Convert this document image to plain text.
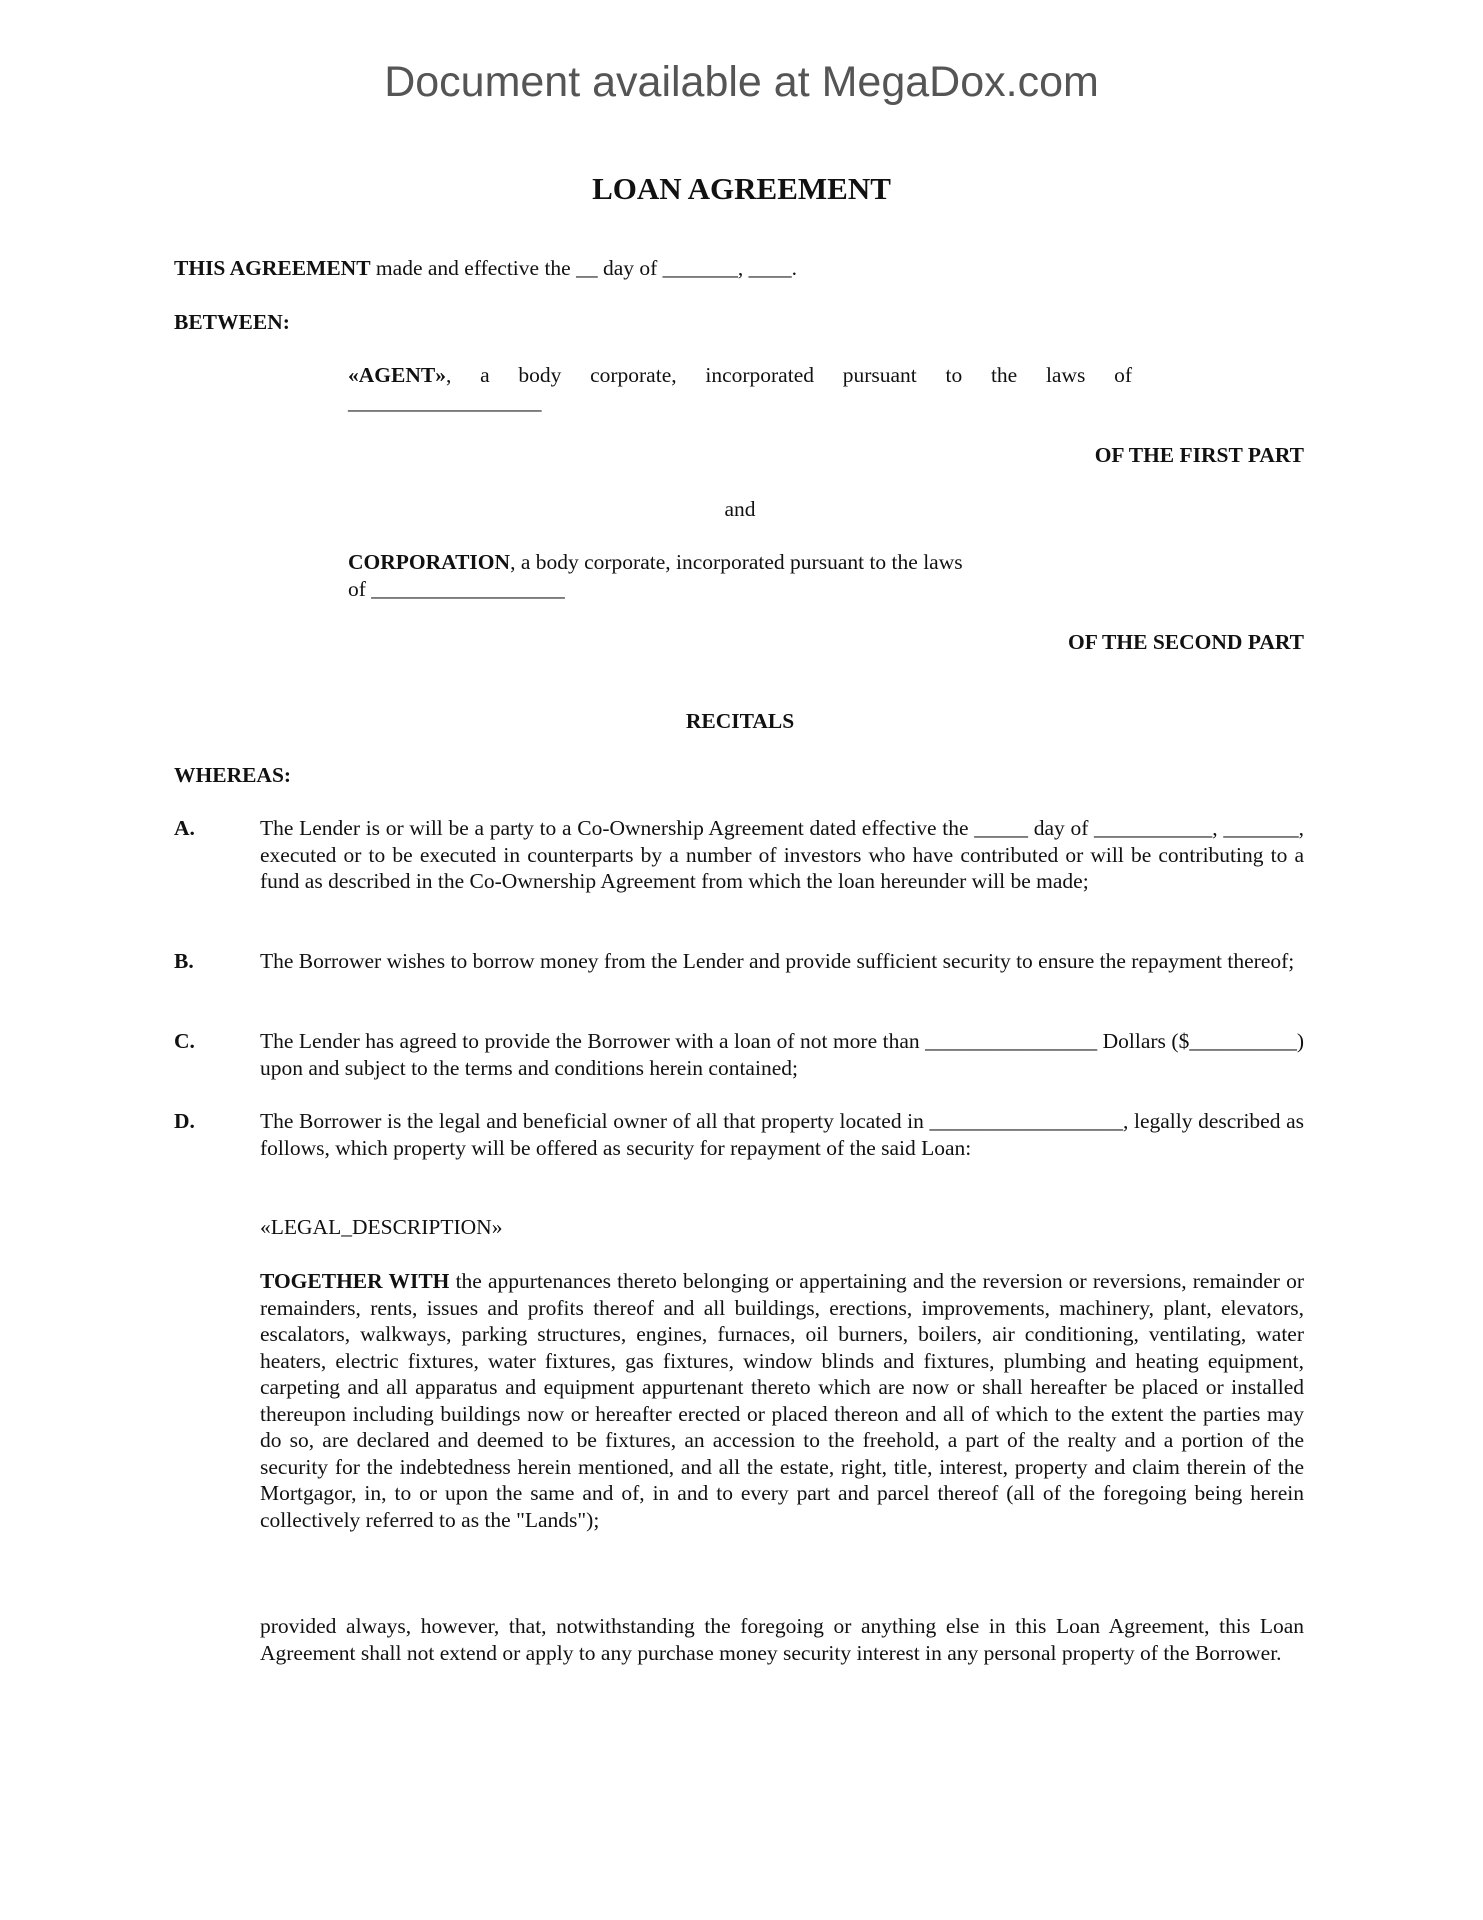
Document available at MegaDox.com
LOAN AGREEMENT
THIS AGREEMENT made and effective the __ day of _______, ____.
BETWEEN:
«AGENT», a body corporate, incorporated pursuant to the laws of
__________________
OF THE FIRST PART
and
CORPORATION, a body corporate, incorporated pursuant to the laws
of __________________
OF THE SECOND PART
RECITALS
WHEREAS:
A.	The Lender is or will be a party to a Co-Ownership Agreement dated effective the _____ day of ___________, _______, executed or to be executed in counterparts by a number of investors who have contributed or will be contributing to a fund as described in the Co-Ownership Agreement from which the loan hereunder will be made;
B.	The Borrower wishes to borrow money from the Lender and provide sufficient security to ensure the repayment thereof;
C.	The Lender has agreed to provide the Borrower with a loan of not more than ________________ Dollars ($__________) upon and subject to the terms and conditions herein contained;
D.	The Borrower is the legal and beneficial owner of all that property located in __________________, legally described as follows, which property will be offered as security for repayment of the said Loan:
«LEGAL_DESCRIPTION»
TOGETHER WITH the appurtenances thereto belonging or appertaining and the reversion or reversions, remainder or remainders, rents, issues and profits thereof and all buildings, erections, improvements, machinery, plant, elevators, escalators, walkways, parking structures, engines, furnaces, oil burners, boilers, air conditioning, ventilating, water heaters, electric fixtures, water fixtures, gas fixtures, window blinds and fixtures, plumbing and heating equipment, carpeting and all apparatus and equipment appurtenant thereto which are now or shall hereafter be placed or installed thereupon including buildings now or hereafter erected or placed thereon and all of which to the extent the parties may do so, are declared and deemed to be fixtures, an accession to the freehold, a part of the realty and a portion of the security for the indebtedness herein mentioned, and all the estate, right, title, interest, property and claim therein of the Mortgagor, in, to or upon the same and of, in and to every part and parcel thereof (all of the foregoing being herein collectively referred to as the "Lands");
provided always, however, that, notwithstanding the foregoing or anything else in this Loan Agreement, this Loan Agreement shall not extend or apply to any purchase money security interest in any personal property of the Borrower.
